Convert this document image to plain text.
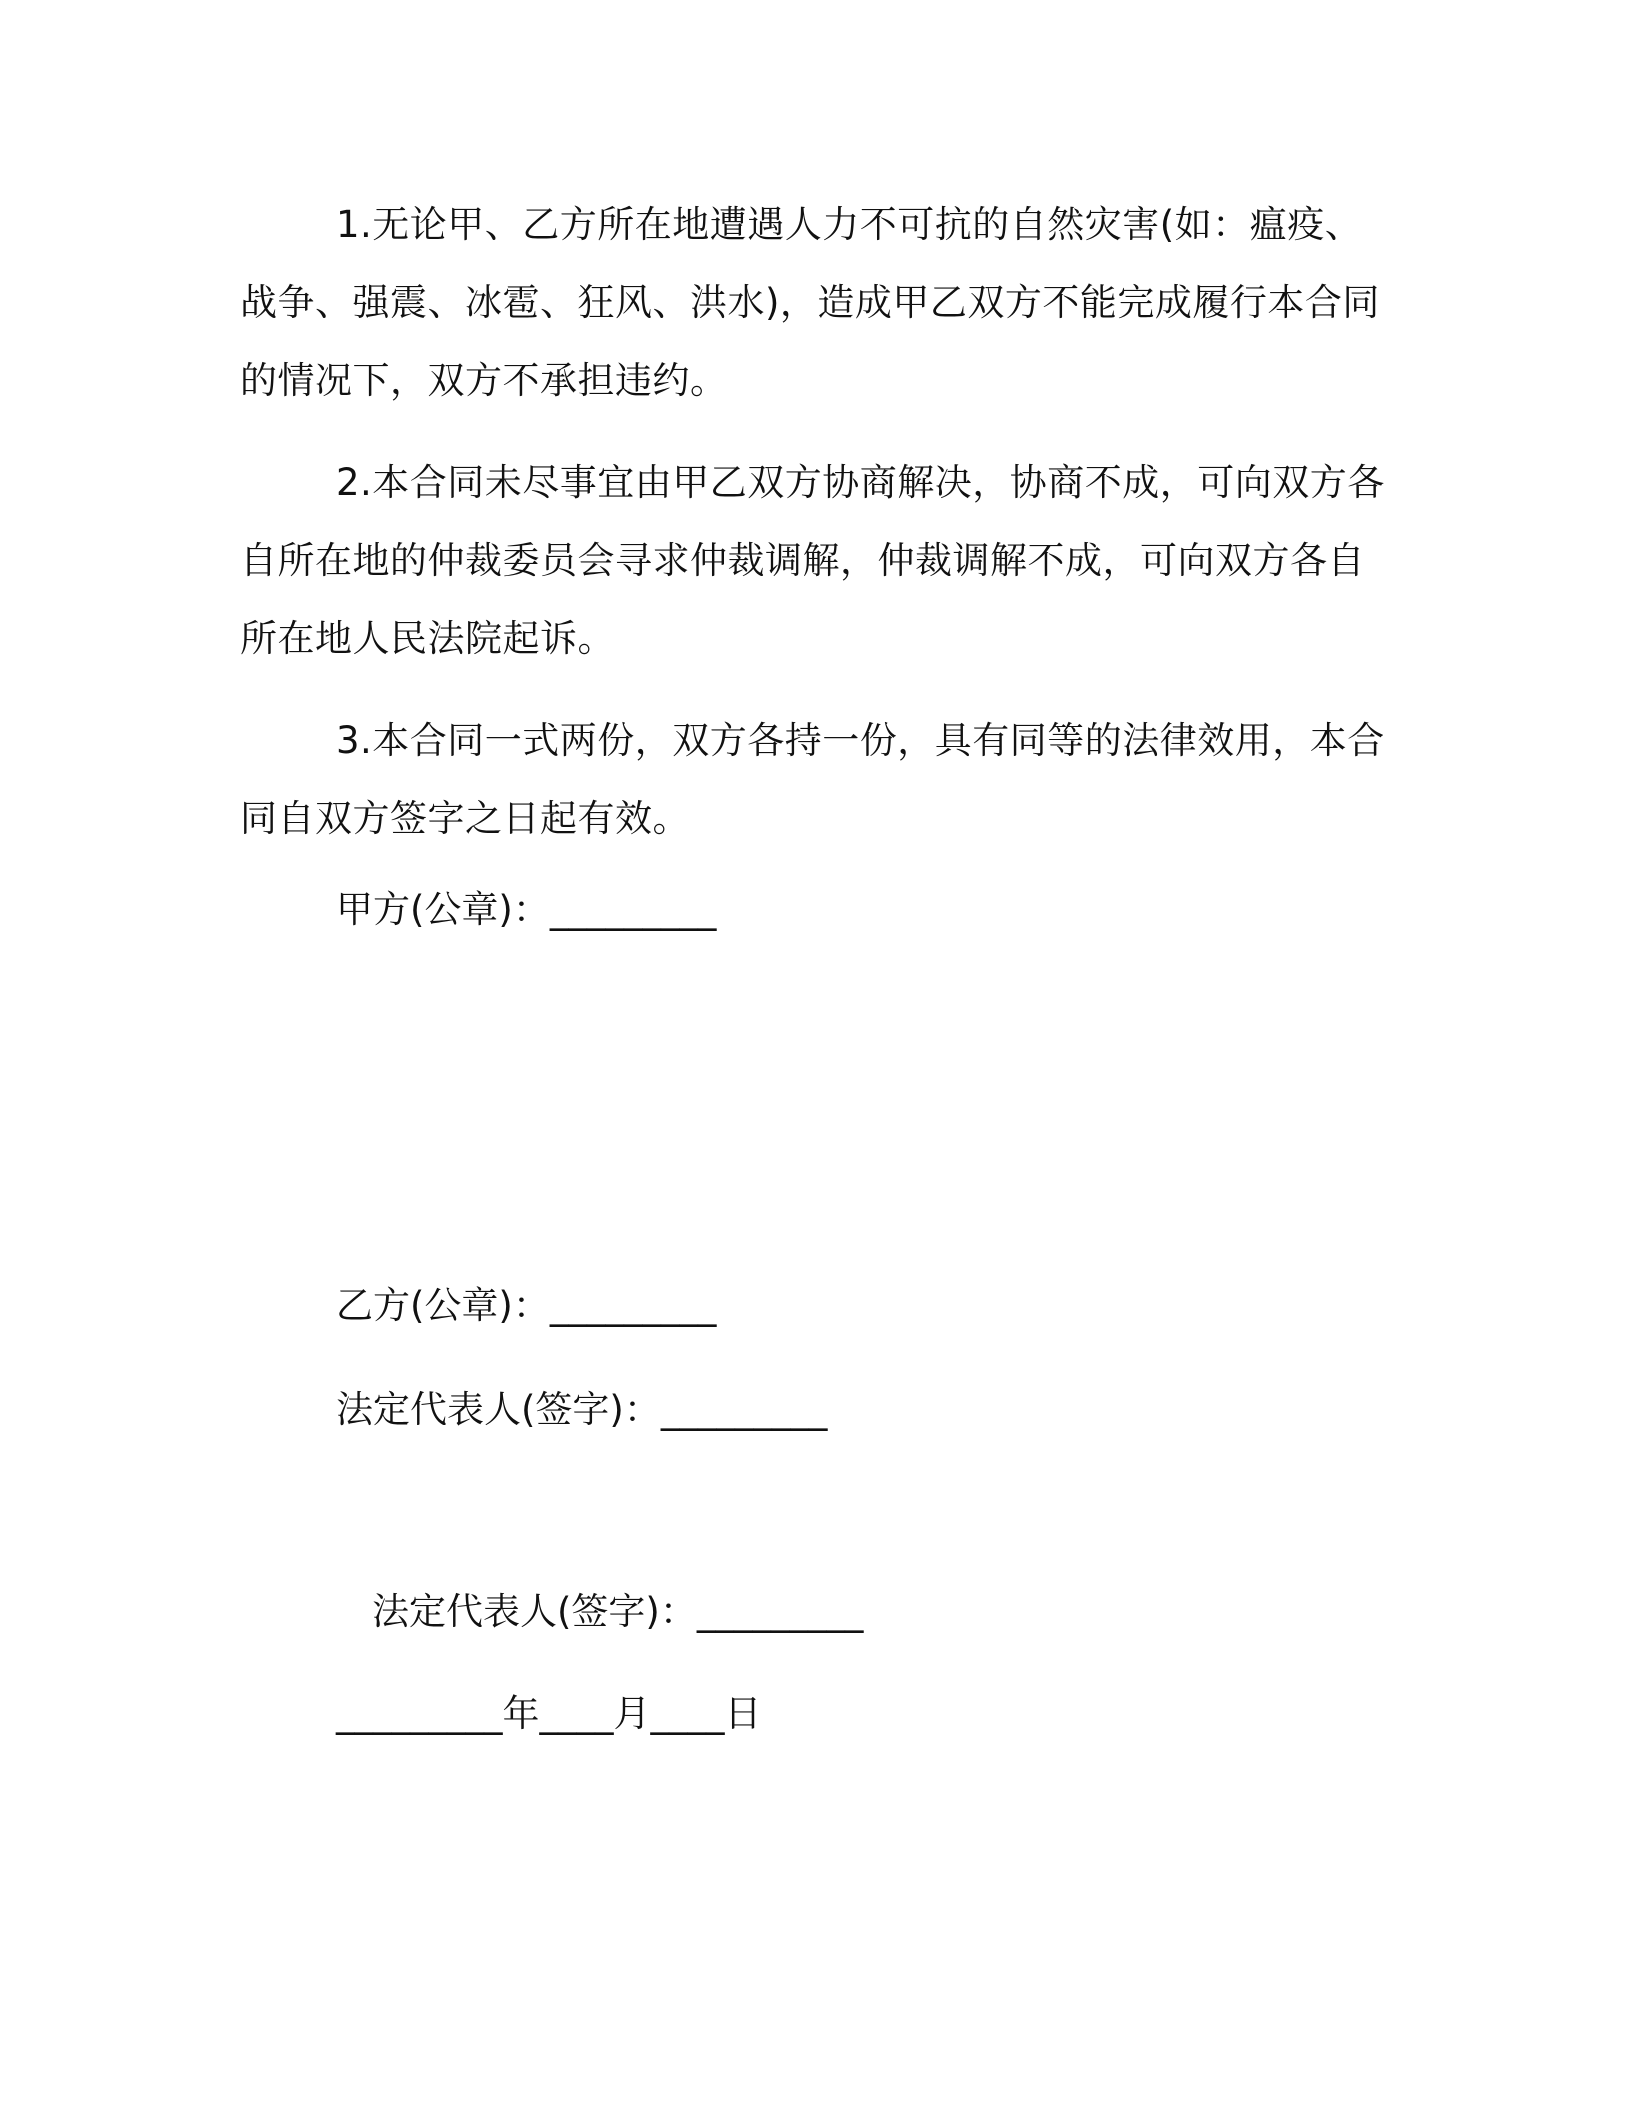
1.无论甲、乙方所在地遭遇人力不可抗的自然灾害(如：瘟疫、战争、强震、冰雹、狂风、洪水)，造成甲乙双方不能完成履行本合同的情况下，双方不承担违约。

2.本合同未尽事宜由甲乙双方协商解决，协商不成，可向双方各自所在地的仲裁委员会寻求仲裁调解，仲裁调解不成，可向双方各自所在地人民法院起诉。

3.本合同一式两份，双方各持一份，具有同等的法律效用，本合同自双方签字之日起有效。

甲方(公章)：_________

乙方(公章)：_________

法定代表人(签字)：_________

法定代表人(签字)：_________

_________年____月____日
